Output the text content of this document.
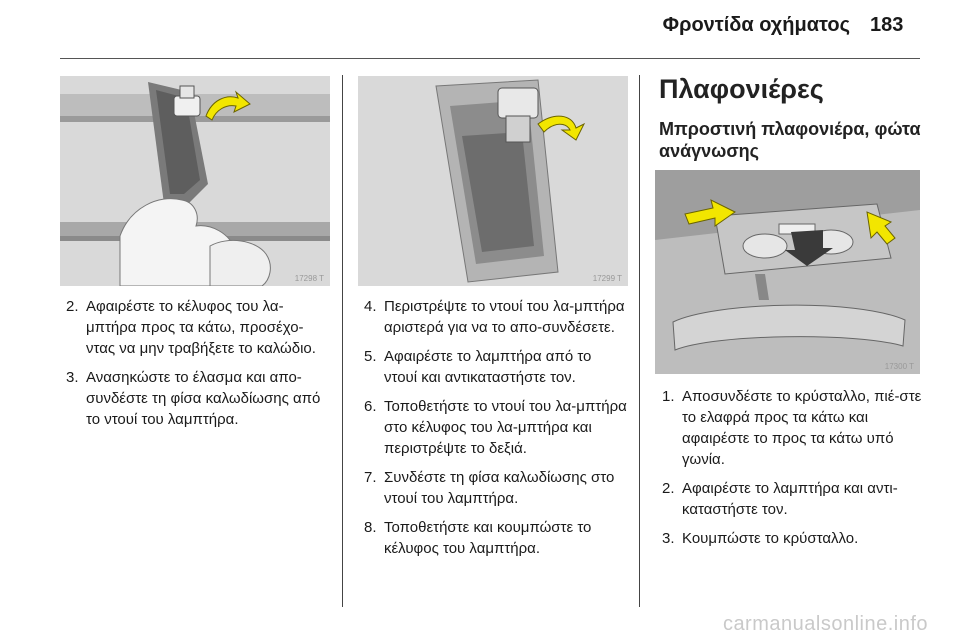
Φροντίδα οχήματος 183
17298 T	17299 T
2. Αφαιρέστε το κέλυφος του λα-μπτήρα προς τα κάτω, προσέχο-ντας να μην τραβήξετε το καλώδιο.
3. Ανασηκώστε το έλασμα και απο-συνδέστε τη φίσα καλωδίωσης από το ντουί του λαμπτήρα.
4. Περιστρέψτε το ντουί του λα-μπτήρα αριστερά για να το απο-συνδέσετε.
5. Αφαιρέστε το λαμπτήρα από το ντουί και αντικαταστήστε τον.
6. Τοποθετήστε το ντουί του λα-μπτήρα στο κέλυφος του λα-μπτήρα και περιστρέψτε το δεξιά.
7. Συνδέστε τη φίσα καλωδίωσης στο ντουί του λαμπτήρα.
8. Τοποθετήστε και κουμπώστε το κέλυφος του λαμπτήρα.
Πλαφονιέρες
Μπροστινή πλαφονιέρα, φώτα ανάγνωσης
17300 T
1. Αποσυνδέστε το κρύσταλλο, πιέ-στε το ελαφρά προς τα κάτω και αφαιρέστε το προς τα κάτω υπό γωνία.
2. Αφαιρέστε το λαμπτήρα και αντι-καταστήστε τον.
3. Κουμπώστε το κρύσταλλο.
carmanualsonline.info
